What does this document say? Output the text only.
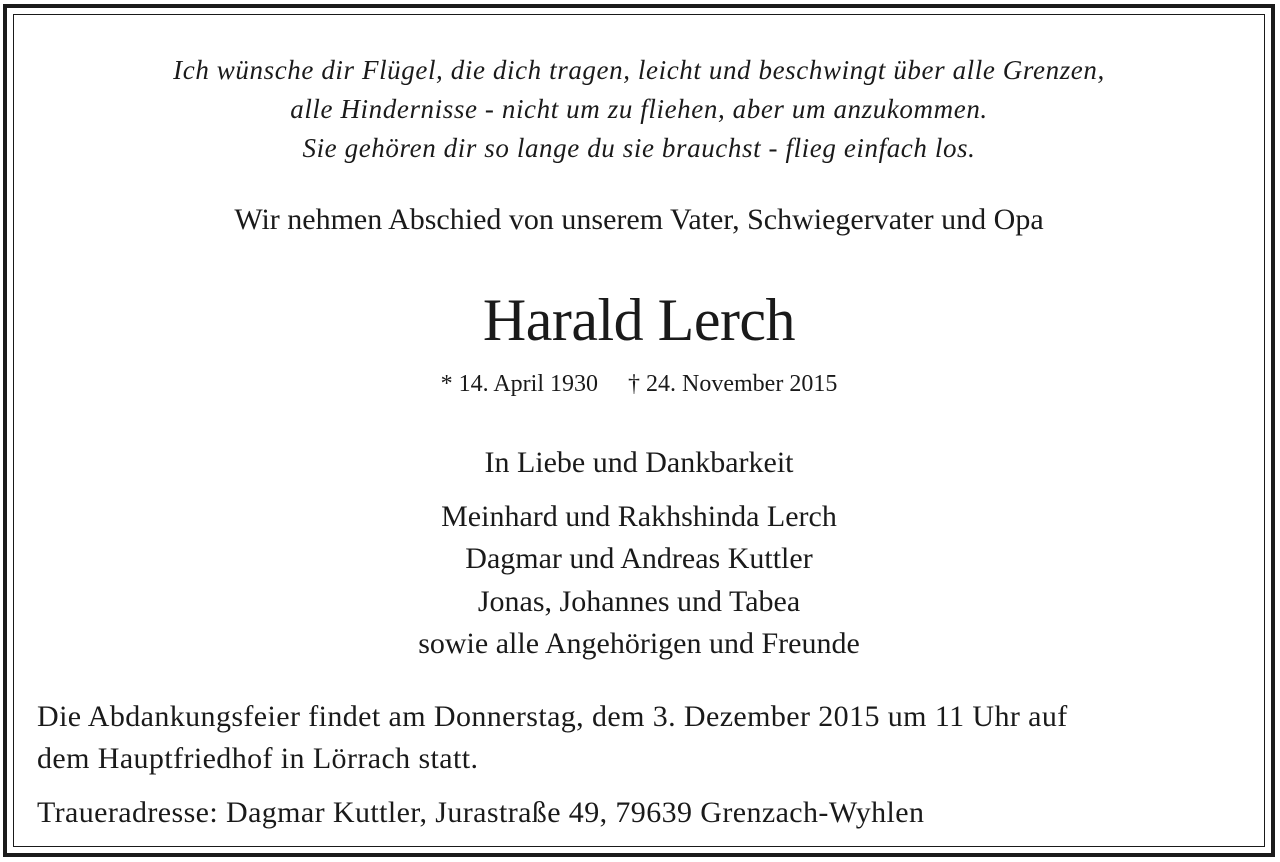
Ich wünsche dir Flügel, die dich tragen, leicht und beschwingt über alle Grenzen,
alle Hindernisse - nicht um zu fliehen, aber um anzukommen.
Sie gehören dir so lange du sie brauchst - flieg einfach los.
Wir nehmen Abschied von unserem Vater, Schwiegervater und Opa
Harald Lerch
* 14. April 1930 † 24. November 2015
In Liebe und Dankbarkeit
Meinhard und Rakhshinda Lerch
Dagmar und Andreas Kuttler
Jonas, Johannes und Tabea
sowie alle Angehörigen und Freunde
Die Abdankungsfeier findet am Donnerstag, dem 3. Dezember 2015 um 11 Uhr auf
dem Hauptfriedhof in Lörrach statt.
Traueradresse: Dagmar Kuttler, Jurastraße 49, 79639 Grenzach-Wyhlen
